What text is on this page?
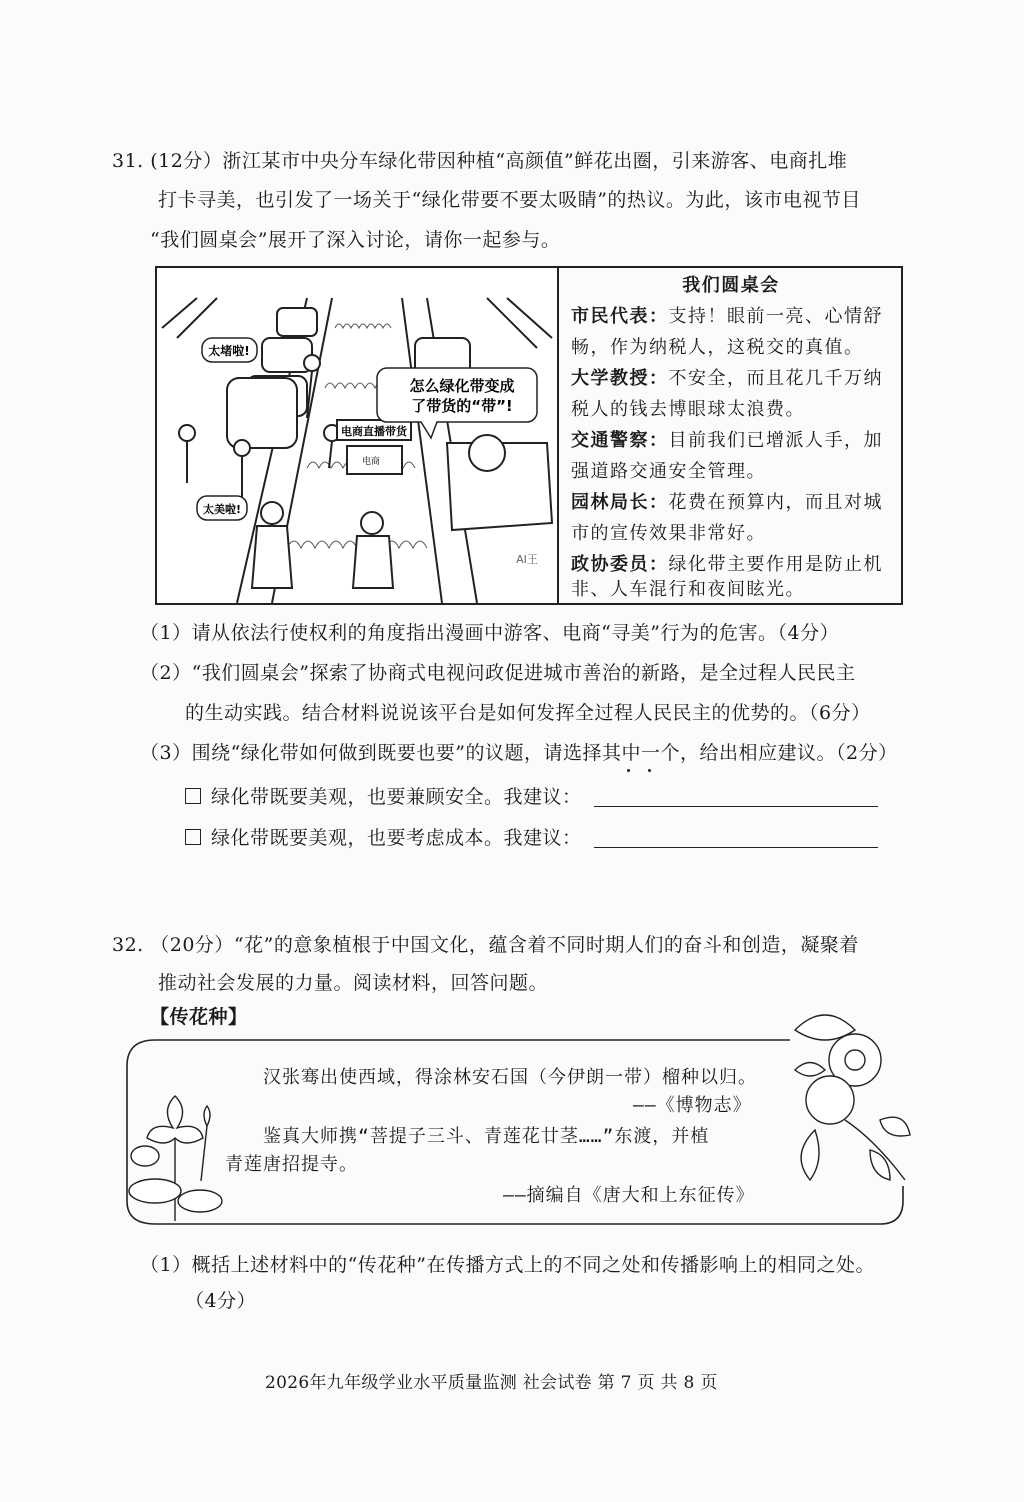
31. (12分）浙江某市中央分车绿化带因种植“高颜值”鲜花出圈，引来游客、电商扎堆
打卡寻美，也引发了一场关于“绿化带要不要太吸睛”的热议。为此，该市电视节目
“我们圆桌会”展开了深入讨论，请你一起参与。
电商直播带货
电商
太堵啦!
太美啦!
怎么绿化带变成
了带货的“带”!
AI王
我们圆桌会
市民代表：支持！眼前一亮、心情舒
畅，作为纳税人，这税交的真值。
大学教授：不安全，而且花几千万纳
税人的钱去博眼球太浪费。
交通警察：目前我们已增派人手，加
强道路交通安全管理。
园林局长：花费在预算内，而且对城
市的宣传效果非常好。
政协委员：绿化带主要作用是防止机
非、人车混行和夜间眩光。
（1）请从依法行使权利的角度指出漫画中游客、电商“寻美”行为的危害。（4分）
（2）“我们圆桌会”探索了协商式电视问政促进城市善治的新路，是全过程人民民主
的生动实践。结合材料说说该平台是如何发挥全过程人民民主的优势的。（6分）
（3）围绕“绿化带如何做到既要也要”的议题，请选择其中一个，给出相应建议。（2分）
绿化带既要美观，也要兼顾安全。我建议：
绿化带既要美观，也要考虑成本。我建议：
32. （20分）“花”的意象植根于中国文化，蕴含着不同时期人们的奋斗和创造，凝聚着
推动社会发展的力量。阅读材料，回答问题。
【传花种】
汉张骞出使西域，得涂林安石国（今伊朗一带）榴种以归。
——《博物志》
鉴真大师携“菩提子三斗、青莲花廿茎……”东渡，并植
青莲唐招提寺。
——摘编自《唐大和上东征传》
（1）概括上述材料中的“传花种”在传播方式上的不同之处和传播影响上的相同之处。
（4分）
2026年九年级学业水平质量监测 社会试卷 第 7 页 共 8 页
